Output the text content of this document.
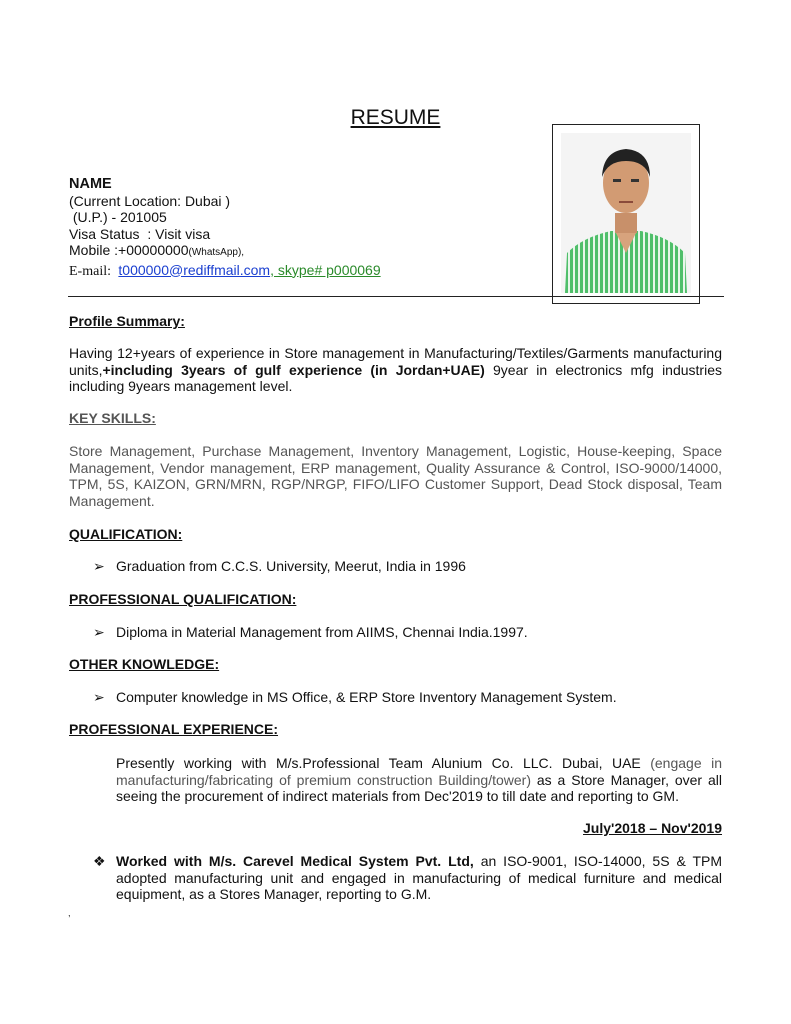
RESUME
NAME
(Current Location: Dubai )
(U.P.) - 201005
Visa Status  : Visit visa
Mobile :+00000000(WhatsApp),
E-mail:  t000000@rediffmail.com, skype# p000069
Profile Summary:
Having 12+years of experience in Store management in Manufacturing/Textiles/Garments manufacturing units,+including 3years of gulf experience (in Jordan+UAE) 9year in electronics mfg industries including 9years management level.
KEY SKILLS:
Store Management, Purchase Management, Inventory Management, Logistic, House-keeping, Space Management, Vendor management, ERP management, Quality Assurance & Control, ISO-9000/14000, TPM, 5S, KAIZON, GRN/MRN, RGP/NRGP, FIFO/LIFO Customer Support, Dead Stock disposal, Team Management.
QUALIFICATION:
➢ Graduation from C.C.S. University, Meerut, India in 1996
PROFESSIONAL QUALIFICATION:
➢ Diploma in Material Management from AIIMS, Chennai India.1997.
OTHER KNOWLEDGE:
➢ Computer knowledge in MS Office, & ERP Store Inventory Management System.
PROFESSIONAL EXPERIENCE:
Presently working with M/s.Professional Team Alunium Co. LLC. Dubai, UAE (engage in manufacturing/fabricating of premium construction Building/tower) as a Store Manager, over all seeing the procurement of indirect materials from Dec'2019 to till date and reporting to GM.
July'2018 – Nov'2019
❖ Worked with M/s. Carevel Medical System Pvt. Ltd, an ISO-9001, ISO-14000, 5S & TPM adopted manufacturing unit and engaged in manufacturing of medical furniture and medical equipment, as a Stores Manager, reporting to G.M.
,
